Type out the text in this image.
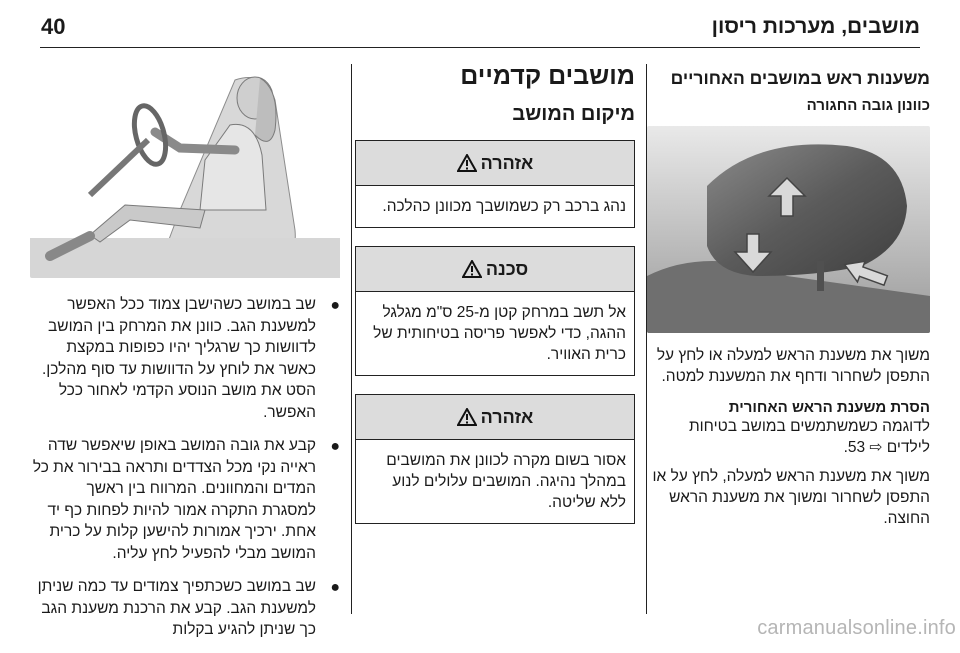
40	מושבים, מערכות ריסון
משענות ראש במושבים האחוריים
כוונון גובה החגורה

משוך את משענת הראש למעלה או לחץ על התפסן לשחרור ודחף את המשענת למטה.

הסרת משענת הראש האחורית

לדוגמה כשמשתמשים במושב בטיחות לילדים ⇨ 53.

משוך את משענת הראש למעלה, לחץ על או התפסן לשחרור ומשוך את משענת הראש החוצה.

מושבים קדמיים
מיקום המושב
אזהרה
נהג ברכב רק כשמושבך מכוונן כהלכה.
סכנה
אל תשב במרחק קטן מ-25 ס"מ מגלגל ההגה, כדי לאפשר פריסה בטיחותית של כרית האוויר.
אזהרה
אסור בשום מקרה לכוונן את המושבים במהלך נהיגה. המושבים עלולים לנוע ללא שליטה.
●
שב במושב כשהישבן צמוד ככל האפשר למשענת הגב. כוונן את המרחק בין המושב לדוושות כך שרגליך יהיו כפופות במקצת כאשר את לוחץ על הדוושות עד סוף מהלכן. הסט את מושב הנוסע הקדמי לאחור ככל האפשר.
●
קבע את גובה המושב באופן שיאפשר שדה ראייה נקי מכל הצדדים ותראה בבירור את כל המדים והמחוונים. המרווח בין ראשך למסגרת התקרה אמור להיות לפחות כף יד אחת. ירכיך אמורות להישען קלות על כרית המושב מבלי להפעיל לחץ עליה.
●
שב במושב כשכתפיך צמודים עד כמה שניתן למשענת הגב. קבע את הרכנת משענת הגב כך שניתן להגיע בקלות	carmanualsonline.info
